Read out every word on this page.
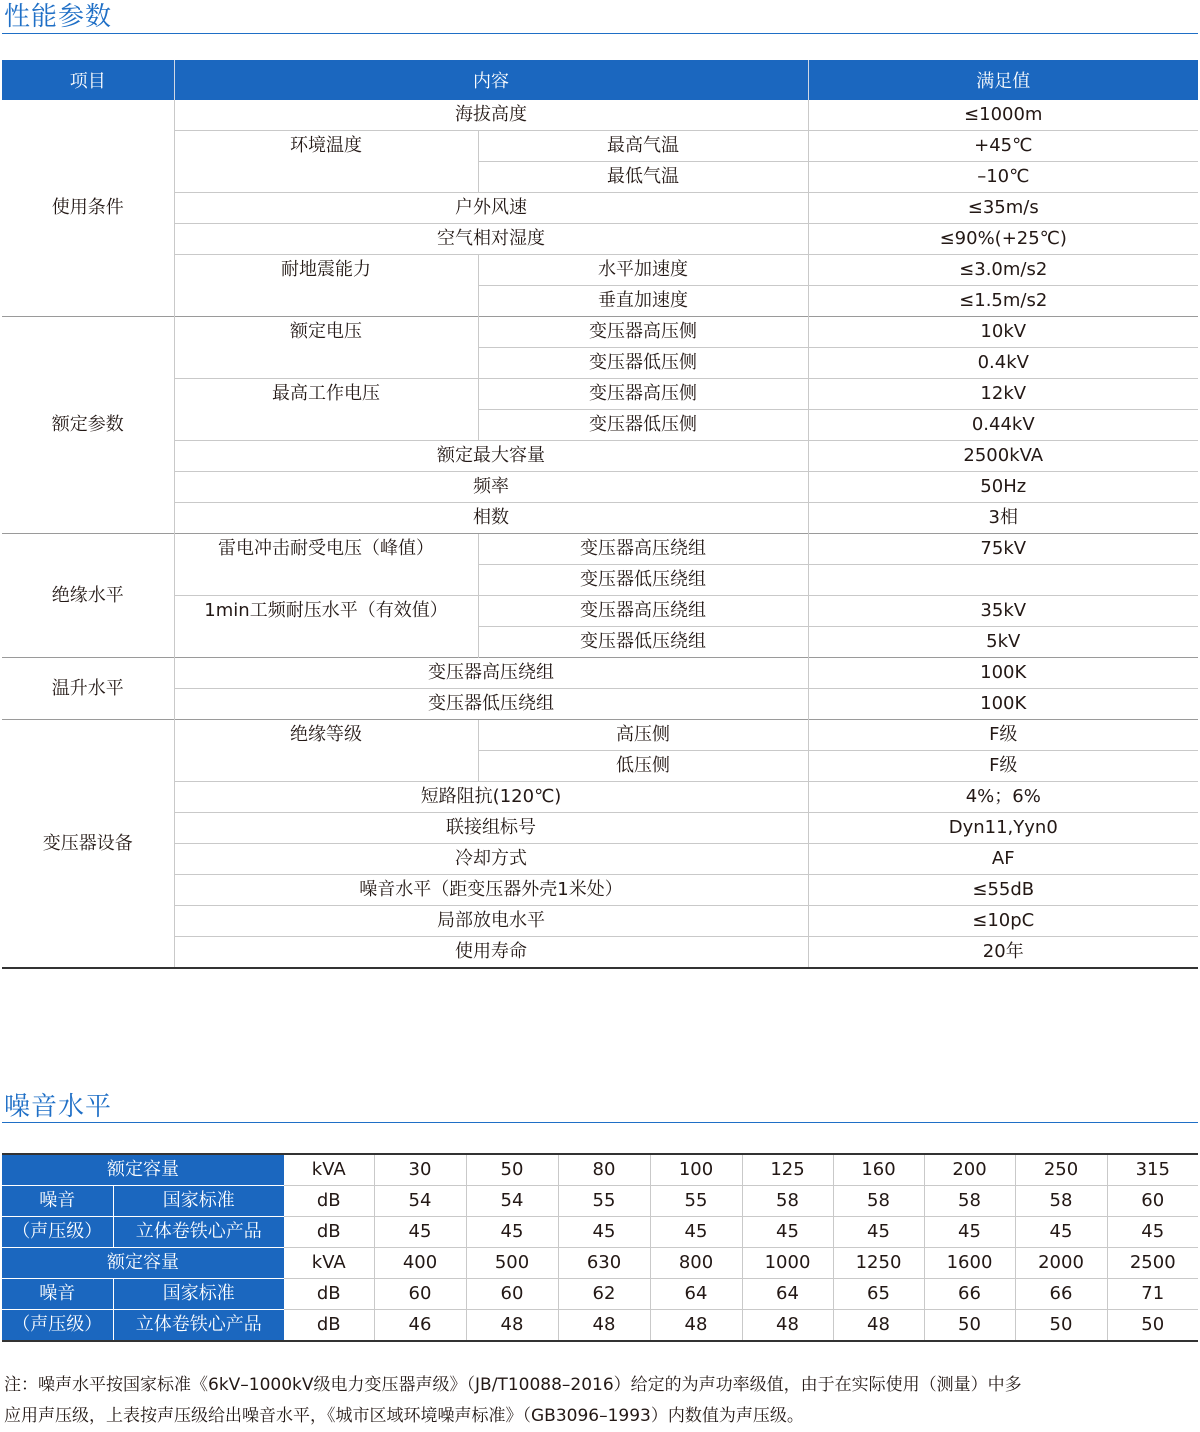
性能参数
项目	内容		满足值
使用条件	海拔高度		≤1000m
	环境温度	最高气温	+45℃
		最低气温	–10℃
	户外风速		≤35m/s
	空气相对湿度		≤90%(+25℃)
	耐地震能力	水平加速度	≤3.0m/s2
		垂直加速度	≤1.5m/s2
额定参数	额定电压	变压器高压侧	10kV
		变压器低压侧	0.4kV
	最高工作电压	变压器高压侧	12kV
		变压器低压侧	0.44kV
	额定最大容量		2500kVA
	频率		50Hz
	相数		3相
绝缘水平	雷电冲击耐受电压（峰值）	变压器高压绕组	75kV
		变压器低压绕组	
	1min工频耐压水平（有效值）	变压器高压绕组	35kV
		变压器低压绕组	5kV
温升水平	变压器高压绕组		100K
	变压器低压绕组		100K
变压器设备	绝缘等级	高压侧	F级
		低压侧	F级
	短路阻抗(120℃)		4%；6%
	联接组标号		Dyn11,Yyn0
	冷却方式		AF
	噪音水平（距变压器外壳1米处）		≤55dB
	局部放电水平		≤10pC
	使用寿命		20年
噪音水平
额定容量		kVA	30	50	80	100	125	160	200	250	315
噪音	国家标准	dB	54	54	55	55	58	58	58	58	60
（声压级）	立体卷铁心产品	dB	45	45	45	45	45	45	45	45	45
额定容量		kVA	400	500	630	800	1000	1250	1600	2000	2500
噪音	国家标准	dB	60	60	62	64	64	65	66	66	71
（声压级）	立体卷铁心产品	dB	46	48	48	48	48	48	50	50	50
注：噪声水平按国家标准《6kV–1000kV级电力变压器声级》（JB/T10088–2016）给定的为声功率级值，由于在实际使用（测量）中多
应用声压级，上表按声压级给出噪音水平，《城市区域环境噪声标准》（GB3096–1993）内数值为声压级。
